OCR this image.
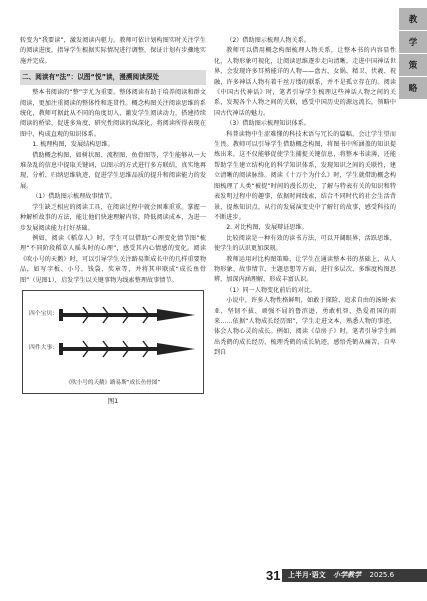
教
学
策
略

转变为“我要读”，激发阅读内驱力。教师可依计划构图实时关注学生的阅读进度，指导学生根据实际情况进行调整，保证计划有步骤地实施并完成。

二、阅读有“法”：以图“悦”读，漫溯阅读深处

整本书阅读的“整”字尤为重要。整体阅读有助于培养阅读和群文阅读，更加注重阅读的整体性和连贯性。概念构图关注阅读思维的系统化，教师可据此从不同的角度切入，激发学生阅读动力，搭建持续阅读的桥梁，促进多角度、研究性阅读的纵深化，将阅读所得表现在图中，构成直观的知识体系。

1. 梳理构图，发展结构思维。

借助概念构图，如树状图、流程图、鱼骨图等，学生能够从一大堆杂乱的信息中提取关键词，以图示的方式进行多方联结，真实地再现、分析、归纳思维轨迹，促进学生思维品质的提升和阅读能力的发展。

（1）借助图示梳理故事情节。

学生缺乏相应的阅读工具，在阅读过程中就会困难重重。掌握一种解析故事的方法，能让他们快速理解内容，降低阅读成本，为进一步发展阅读能力打好基础。

例如，阅读《稻草人》时，学生可以借助“心理变化情节图”梳理“不同阶段稻草人摇头时的心理”，感受其内心情感的变化。阅读《吹小号的天鹅》时，可以引导学生关注路易斯成长中的几样重要物品，如写字板、小号、钱袋、奖章等，并将其串联成“成长鱼骨图”（见图1），启发学生以关键事物为线索整理故事情节。

四个宝贝：
四件大事：
《吹小号的天鹅》路易斯“成长鱼骨图”
图1

（2）借助图示梳理人物关系。

教师可以借用概念构图梳理人物关系，让整本书的内容显性化，人物形象可视化，让阅读思维逐步走向清晰。走进中国神话世界，会发现许多耳熟能详的人物——盘古、女娲、精卫、伏羲、祝融，许多神话人物有着千丝万缕的联系，并不是孤立存在的。阅读《中国古代神话》时，笔者引导学生梳理这些神话人物之间的关系，发现各个人物之间的关联，感受中国历史的源远流长，领略中国古代神话的魅力。

（3）借助图示梳理知识体系。

科普读物中生涩难懂的科技术语与冗长的篇幅，会让学生望而生畏。教师可以引导学生借助概念构图，将图书中所涵盖的知识提炼出来。这不仅能够促使学生捕捉关键信息，将整本书读薄，还能帮助学生建立结构化的科学知识体系，发现知识之间的关联性，建立清晰的阅读脉络。阅读《十万个为什么》时，学生就借助概念构图梳理了人类“被捉”时间的漫长历史，了解与特表有关的知识和特表发明过程中的趣事，依据时间线索，结合不同时代的社会生活背景，提炼知识点，从行的发展演变史中了解钉的故事，感受科技的不断进步。

2. 对比构图，发展辩证思维。

比较阅读是一种有效的读书方法，可以开阔眼界，活跃思维，使学生的认识更加深刻。

教师运用对比构图策略，让学生在通读整本书的基础上，从人物形象、故事情节、主题思想等方面，进行多层次、多维度构图思辨，加深内涵理解，形成丰富认识。

（1）同一人物变化前后的对比。

小说中，许多人物性格鲜明，如敢于探险、追求自由的汤姆·索亚，坚韧不拔、顽强不屈的鲁滨逊，勇敢机智、热爱祖国的雨来……依据“人物成长经历图”，学生走进文本，熟悉人物的事迹，体会人物心灵的成长。例如，阅读《草房子》时，笔者引导学生画出秃鹤的成长经历，梳理秃鹤的成长轨迹，感悟秃鹤从痛苦、自卑到自

31	上半月·语文 小学教学 2025.6
